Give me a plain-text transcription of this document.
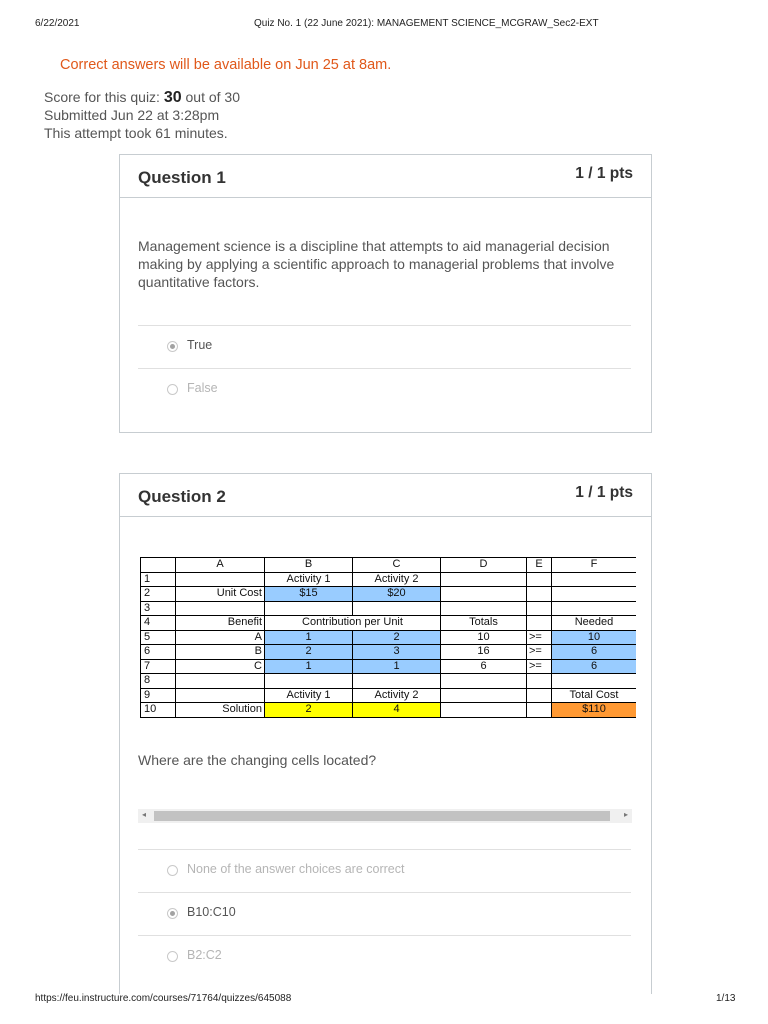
6/22/2021	Quiz No. 1 (22 June 2021): MANAGEMENT SCIENCE_MCGRAW_Sec2-EXT
Correct answers will be available on Jun 25 at 8am.
Score for this quiz: 30 out of 30
Submitted Jun 22 at 3:28pm
This attempt took 61 minutes.
Question 1	1 / 1 pts
Management science is a discipline that attempts to aid managerial decision making by applying a scientific approach to managerial problems that involve quantitative factors.
True
False
Question 2	1 / 1 pts
	A	B	C	D	E	F
1		Activity 1	Activity 2			
2	Unit Cost	$15	$20			
3						
4	Benefit	Contribution per Unit		Totals		Needed
5	A	1	2	10	>=	10
6	B	2	3	16	>=	6
7	C	1	1	6	>=	6
8						
9		Activity 1	Activity 2			Total Cost
10	Solution	2	4			$110
Where are the changing cells located?
◂	▸
None of the answer choices are correct
B10:C10
B2:C2
https://feu.instructure.com/courses/71764/quizzes/645088	1/13
